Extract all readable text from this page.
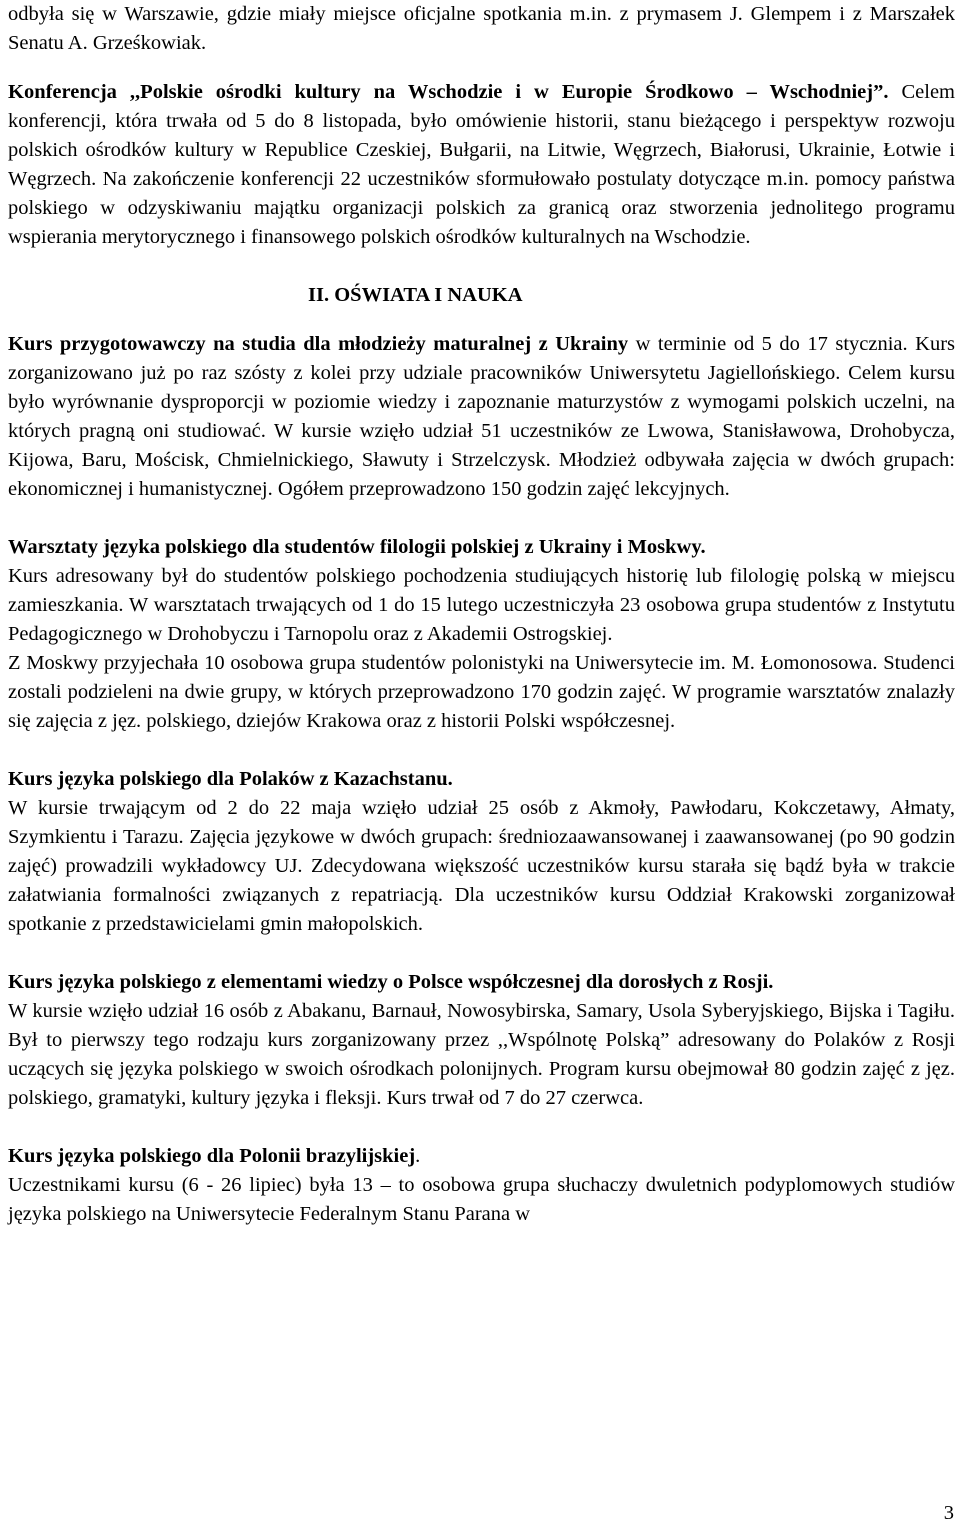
odbyła się w Warszawie, gdzie miały miejsce oficjalne spotkania m.in. z prymasem J. Glempem i z Marszałek Senatu A. Grześkowiak.

Konferencja ,,Polskie ośrodki kultury na Wschodzie i w Europie Środkowo – Wschodniej”. Celem konferencji, która trwała od 5 do 8 listopada, było omówienie historii, stanu bieżącego i perspektyw rozwoju polskich ośrodków kultury w Republice Czeskiej, Bułgarii, na Litwie, Węgrzech, Białorusi, Ukrainie, Łotwie i Węgrzech. Na zakończenie konferencji 22 uczestników sformułowało postulaty dotyczące m.in. pomocy państwa polskiego w odzyskiwaniu majątku organizacji polskich za granicą oraz stworzenia jednolitego programu wspierania merytorycznego i finansowego polskich ośrodków kulturalnych na Wschodzie.

II. OŚWIATA I NAUKA

Kurs przygotowawczy na studia dla młodzieży maturalnej z Ukrainy w terminie od 5 do 17 stycznia. Kurs zorganizowano już po raz szósty z kolei przy udziale pracowników Uniwersytetu Jagiellońskiego. Celem kursu było wyrównanie dysproporcji w poziomie wiedzy i zapoznanie maturzystów z wymogami polskich uczelni, na których pragną oni studiować. W kursie wzięło udział 51 uczestników ze Lwowa, Stanisławowa, Drohobycza, Kijowa, Baru, Mościsk, Chmielnickiego, Sławuty i Strzelczysk. Młodzież odbywała zajęcia w dwóch grupach: ekonomicznej i humanistycznej. Ogółem przeprowadzono 150 godzin zajęć lekcyjnych.

Warsztaty języka polskiego dla studentów filologii polskiej z Ukrainy i Moskwy.

Kurs adresowany był do studentów polskiego pochodzenia studiujących historię lub filologię polską w miejscu zamieszkania. W warsztatach trwających od 1 do 15 lutego uczestniczyła 23 osobowa grupa studentów z Instytutu Pedagogicznego w Drohobyczu i Tarnopolu oraz z Akademii Ostrogskiej.

Z Moskwy przyjechała 10 osobowa grupa studentów polonistyki na Uniwersytecie im. M. Łomonosowa. Studenci zostali podzieleni na dwie grupy, w których przeprowadzono 170 godzin zajęć. W programie warsztatów znalazły się zajęcia z jęz. polskiego, dziejów Krakowa oraz z historii Polski współczesnej.

Kurs języka polskiego dla Polaków z Kazachstanu.

W kursie trwającym od 2 do 22 maja wzięło udział 25 osób z Akmoły, Pawłodaru, Kokczetawy, Ałmaty, Szymkientu i Tarazu. Zajęcia językowe w dwóch grupach: średniozaawansowanej i zaawansowanej (po 90 godzin zajęć) prowadzili wykładowcy UJ. Zdecydowana większość uczestników kursu starała się bądź była w trakcie załatwiania formalności związanych z repatriacją. Dla uczestników kursu Oddział Krakowski zorganizował spotkanie z przedstawicielami gmin małopolskich.

Kurs języka polskiego z elementami wiedzy o Polsce współczesnej dla dorosłych z Rosji.

W kursie wzięło udział 16 osób z Abakanu, Barnauł, Nowosybirska, Samary, Usola Syberyjskiego, Bijska i Tagiłu. Był to pierwszy tego rodzaju kurs zorganizowany przez ,,Wspólnotę Polską” adresowany do Polaków z Rosji uczących się języka polskiego w swoich ośrodkach polonijnych. Program kursu obejmował 80 godzin zajęć z jęz. polskiego, gramatyki, kultury języka i fleksji. Kurs trwał od 7 do 27 czerwca.

Kurs języka polskiego dla Polonii brazylijskiej.

Uczestnikami kursu (6 - 26 lipiec) była 13 – to osobowa grupa słuchaczy dwuletnich podyplomowych studiów języka polskiego na Uniwersytecie Federalnym Stanu Parana w

3
